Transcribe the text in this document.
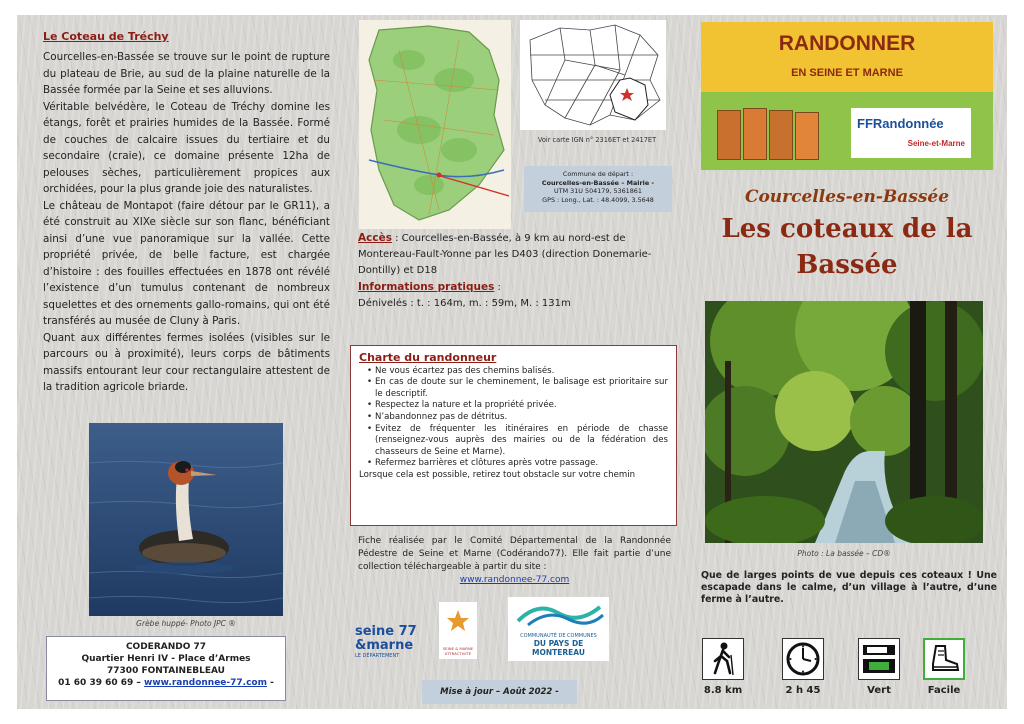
Le Coteau de Tréchy

Courcelles-en-Bassée se trouve sur le point de rupture du plateau de Brie, au sud de la plaine naturelle de la Bassée formée par la Seine et ses alluvions.

Véritable belvédère, le Coteau de Tréchy domine les étangs, forêt et prairies humides de la Bassée. Formé de couches de calcaire issues du tertiaire et du secondaire (craie), ce domaine présente 12ha de pelouses sèches, particulièrement propices aux orchidées, pour la plus grande joie des naturalistes.

Le château de Montapot (faire détour par le GR11), a été construit au XIXe siècle sur son flanc, bénéficiant ainsi d’une vue panoramique sur la vallée. Cette propriété privée, de belle facture, est chargée d’histoire : des fouilles effectuées en 1878 ont révélé l’existence d’un tumulus contenant de nombreux squelettes et des ornements gallo-romains, qui ont été transférés au musée de Cluny à Paris.

Quant aux différentes fermes isolées (visibles sur le parcours ou à proximité), leurs corps de bâtiments massifs entourant leur cour rectangulaire attestent de la tradition agricole briarde.

Grèbe huppé- Photo JPC ®
CODERANDO 77
Quartier Henri IV - Place d’Armes
77300 FONTAINEBLEAU
01 60 39 60 69 – www.randonnee-77.com -
Voir carte IGN n° 2316ET et 2417ET
Commune de départ :
Courcelles-en-Bassée – Mairie -
UTM 31U 504179, 5361861
GPS : Long., Lat. : 48.4099, 3.5648
Accès : Courcelles-en-Bassée, à 9 km au nord-est de Montereau-Fault-Yonne par les D403 (direction Donemarie-Dontilly) et D18
Informations pratiques :
Dénivelés : t. : 164m, m. : 59m, M. : 131m
Charte du randonneur
• Ne vous écartez pas des chemins balisés.
• En cas de doute sur le cheminement, le balisage est prioritaire sur le descriptif.
• Respectez la nature et la propriété privée.
• N’abandonnez pas de détritus.
• Evitez de fréquenter les itinéraires en période de chasse (renseignez-vous auprès des mairies ou de la fédération des chasseurs de Seine et Marne).
• Refermez barrières et clôtures après votre passage.
Lorsque cela est possible, retirez tout obstacle sur votre chemin
Fiche réalisée par le Comité Départemental de la Randonnée Pédestre de Seine et Marne (Codérando77). Elle fait partie d’une collection téléchargeable à partir du site :
www.randonnee-77.com
seine 77 &marne
LE DÉPARTEMENT
SEINE & MARNE ATTRACTIVITÉ
COMMUNAUTÉ DE COMMUNES
DU PAYS DE MONTEREAU
Mise à jour – Août 2022 -
RANDONNER
EN SEINE ET MARNE
FFRandonnée
Seine-et-Marne
Courcelles-en-Bassée
Les coteaux de la Bassée
Photo : La bassée – CD®
Que de larges points de vue depuis ces coteaux ! Une escapade dans le calme, d’un village à l’autre, d’une ferme à l’autre.
8.8 km	2 h 45	Vert	Facile
